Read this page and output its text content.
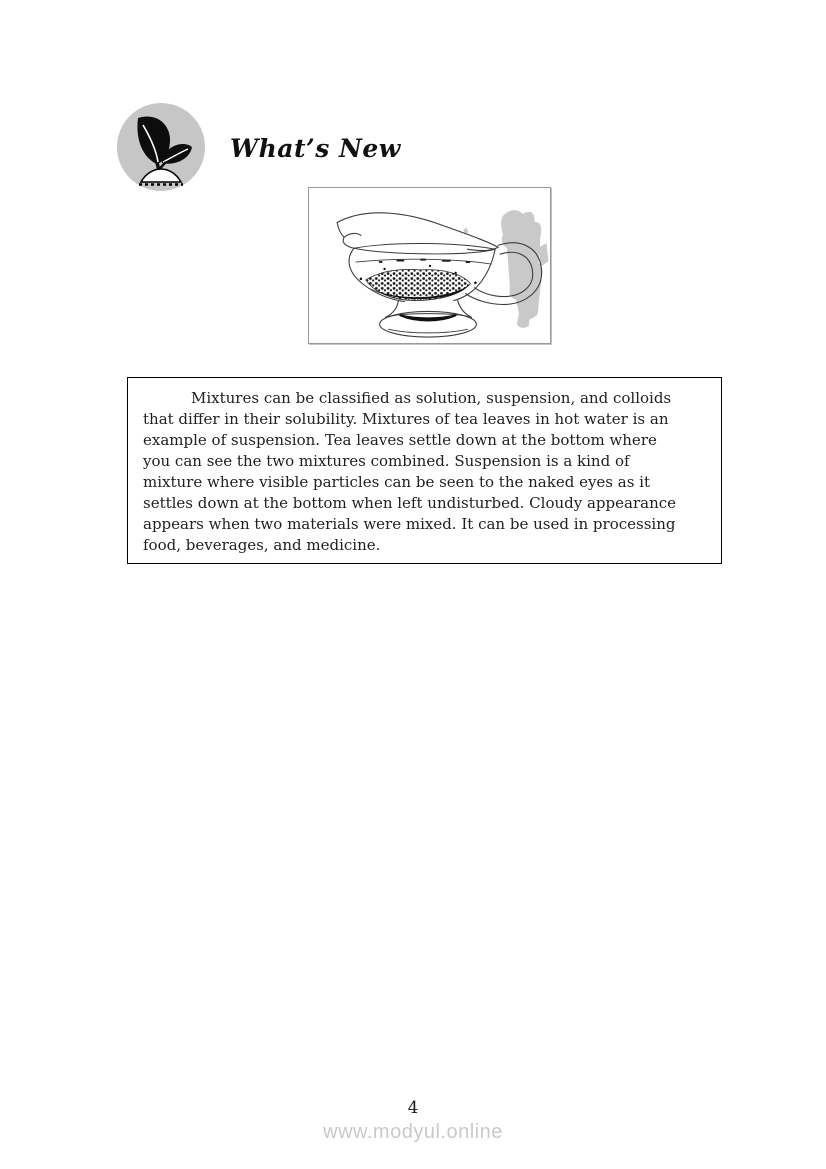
What’s New
Mixtures can be classified as solution, suspension, and colloids
that differ in their solubility. Mixtures of tea leaves in hot water is an
example of suspension. Tea leaves settle down at the bottom where
you can see the two mixtures combined. Suspension is a kind of
mixture where visible particles can be seen to the naked eyes as it
settles down at the bottom when left undisturbed. Cloudy appearance
appears when two materials were mixed. It can be used in processing
food, beverages, and medicine.
4
www.modyul.online
